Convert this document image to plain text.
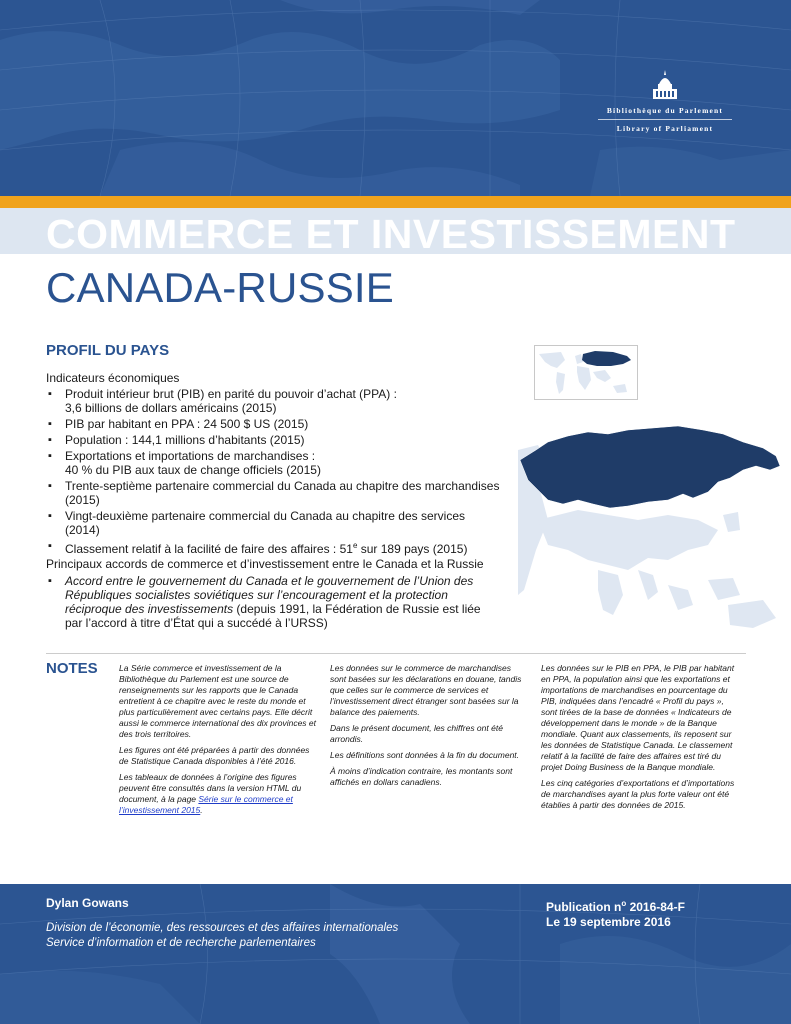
Bibliothèque du Parlement
Library of Parliament
COMMERCE ET INVESTISSEMENT
CANADA-RUSSIE
PROFIL DU PAYS
Indicateurs économiques
▪ Produit intérieur brut (PIB) en parité du pouvoir d’achat (PPA) :
3,6 billions de dollars américains (2015)
▪ PIB par habitant en PPA : 24 500 $ US (2015)
▪ Population : 144,1 millions d’habitants (2015)
▪ Exportations et importations de marchandises :
40 % du PIB aux taux de change officiels (2015)
▪ Trente-septième partenaire commercial du Canada au chapitre des marchandises
(2015)
▪ Vingt-deuxième partenaire commercial du Canada au chapitre des services (2014)
▪ Classement relatif à la facilité de faire des affaires : 51e sur 189 pays (2015)
Principaux accords de commerce et d’investissement entre le Canada et la Russie
▪ Accord entre le gouvernement du Canada et le gouvernement de l’Union des Républiques socialistes soviétiques sur l’encouragement et la protection réciproque des investissements (depuis 1991, la Fédération de Russie est liée par l’accord à titre d’État qui a succédé à l’URSS)
NOTES	La Série commerce et investissement de la Bibliothèque du Parlement est une source de renseignements sur les rapports que le Canada entretient à ce chapitre avec le reste du monde et plus particulièrement avec certains pays. Elle décrit aussi le commerce international des dix provinces et des trois territoires.

Les figures ont été préparées à partir des données de Statistique Canada disponibles à l’été 2016.

Les tableaux de données à l’origine des figures peuvent être consultés dans la version HTML du document, à la page Série sur le commerce et l’investissement 2015.

Les données sur le commerce de marchandises sont basées sur les déclarations en douane, tandis que celles sur le commerce de services et l’investissement direct étranger sont basées sur la balance des paiements.

Dans le présent document, les chiffres ont été arrondis.

Les définitions sont données à la fin du document.

À moins d’indication contraire, les montants sont affichés en dollars canadiens.

Les données sur le PIB en PPA, le PIB par habitant en PPA, la population ainsi que les exportations et importations de marchandises en pourcentage du PIB, indiquées dans l’encadré « Profil du pays », sont tirées de la base de données « Indicateurs de développement dans le monde » de la Banque mondiale. Quant aux classements, ils reposent sur les données de Statistique Canada. Le classement relatif à la facilité de faire des affaires est tiré du projet Doing Business de la Banque mondiale.

Les cinq catégories d’exportations et d’importations de marchandises ayant la plus forte valeur ont été établies à partir des données de 2015.

Dylan Gowans
Division de l’économie, des ressources et des affaires internationales
Service d’information et de recherche parlementaires
Publication $n^o$ 2016-84-F
Le 19 septembre 2016
